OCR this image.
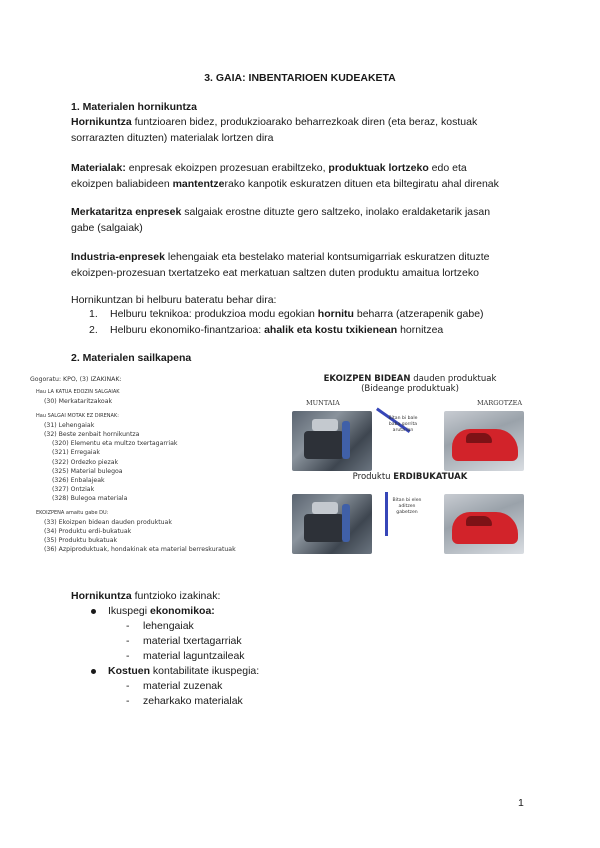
3. GAIA: INBENTARIOEN KUDEAKETA
1. Materialen hornikuntza
Hornikuntza funtzioaren bidez, produkzioarako beharrezkoak diren (eta beraz, kostuak
sorrarazten dituzten) materialak lortzen dira
Materialak: enpresak ekoizpen prozesuan erabiltzeko, produktuak lortzeko edo eta
ekoizpen baliabideen mantentzerako kanpotik eskuratzen dituen eta biltegiratu ahal direnak
Merkataritza enpresek salgaiak erostne dituzte gero saltzeko, inolako eraldaketarik jasan
gabe (salgaiak)
Industria-enpresek lehengaiak eta bestelako material kontsumigarriak eskuratzen dituzte
ekoizpen-prozesuan txertatzeko eat merkatuan saltzen duten produktu amaitua lortzeko
Hornikuntzan bi helburu bateratu behar dira:
1. Helburu teknikoa: produkzioa modu egokian hornitu beharra (atzerapenik gabe)
2. Helburu ekonomiko-finantzarioa: ahalik eta kostu txikienean hornitzea
2. Materialen sailkapena
Gogoratu: KPO, (3) IZAKINAK:
Hau LA KATUA EDOZIN SALGAIAK
(30) Merkataritzakoak
Hau SALGAI MOTAK EZ DIRENAK:
(31) Lehengaiak
(32) Beste zenbait hornikuntza
(320) Elementu eta multzo txertagarriak
(321) Erregaiak
(322) Ordezko piezak
(325) Material bulegoa
(326) Enbalajeak
(327) Ontziak
(328) Bulegoa materiala
EKOIZPENA amaitu gabe DU:
(33) Ekoizpen bidean dauden produktuak
(34) Produktu erdi-bukatuak
(35) Produktu bukatuak
(36) Azpiproduktuak, hondakinak eta material berreskuratuak
EKOIZPEN BIDEAN dauden produktuak
(Bideange produktuak)
MUNTAIA	MARGOTZEA
Bitan bi bale baba gorrita aruta lan
Produktu ERDIBUKATUAK
Bitan bi elen aditzen gabetzen
Hornikuntza funtzioko izakinak:
Ikuspegi ekonomikoa:
- lehengaiak
- material txertagarriak
- material laguntzaileak
Kostuen kontabilitate ikuspegia:
- material zuzenak
- zeharkako materialak
1
